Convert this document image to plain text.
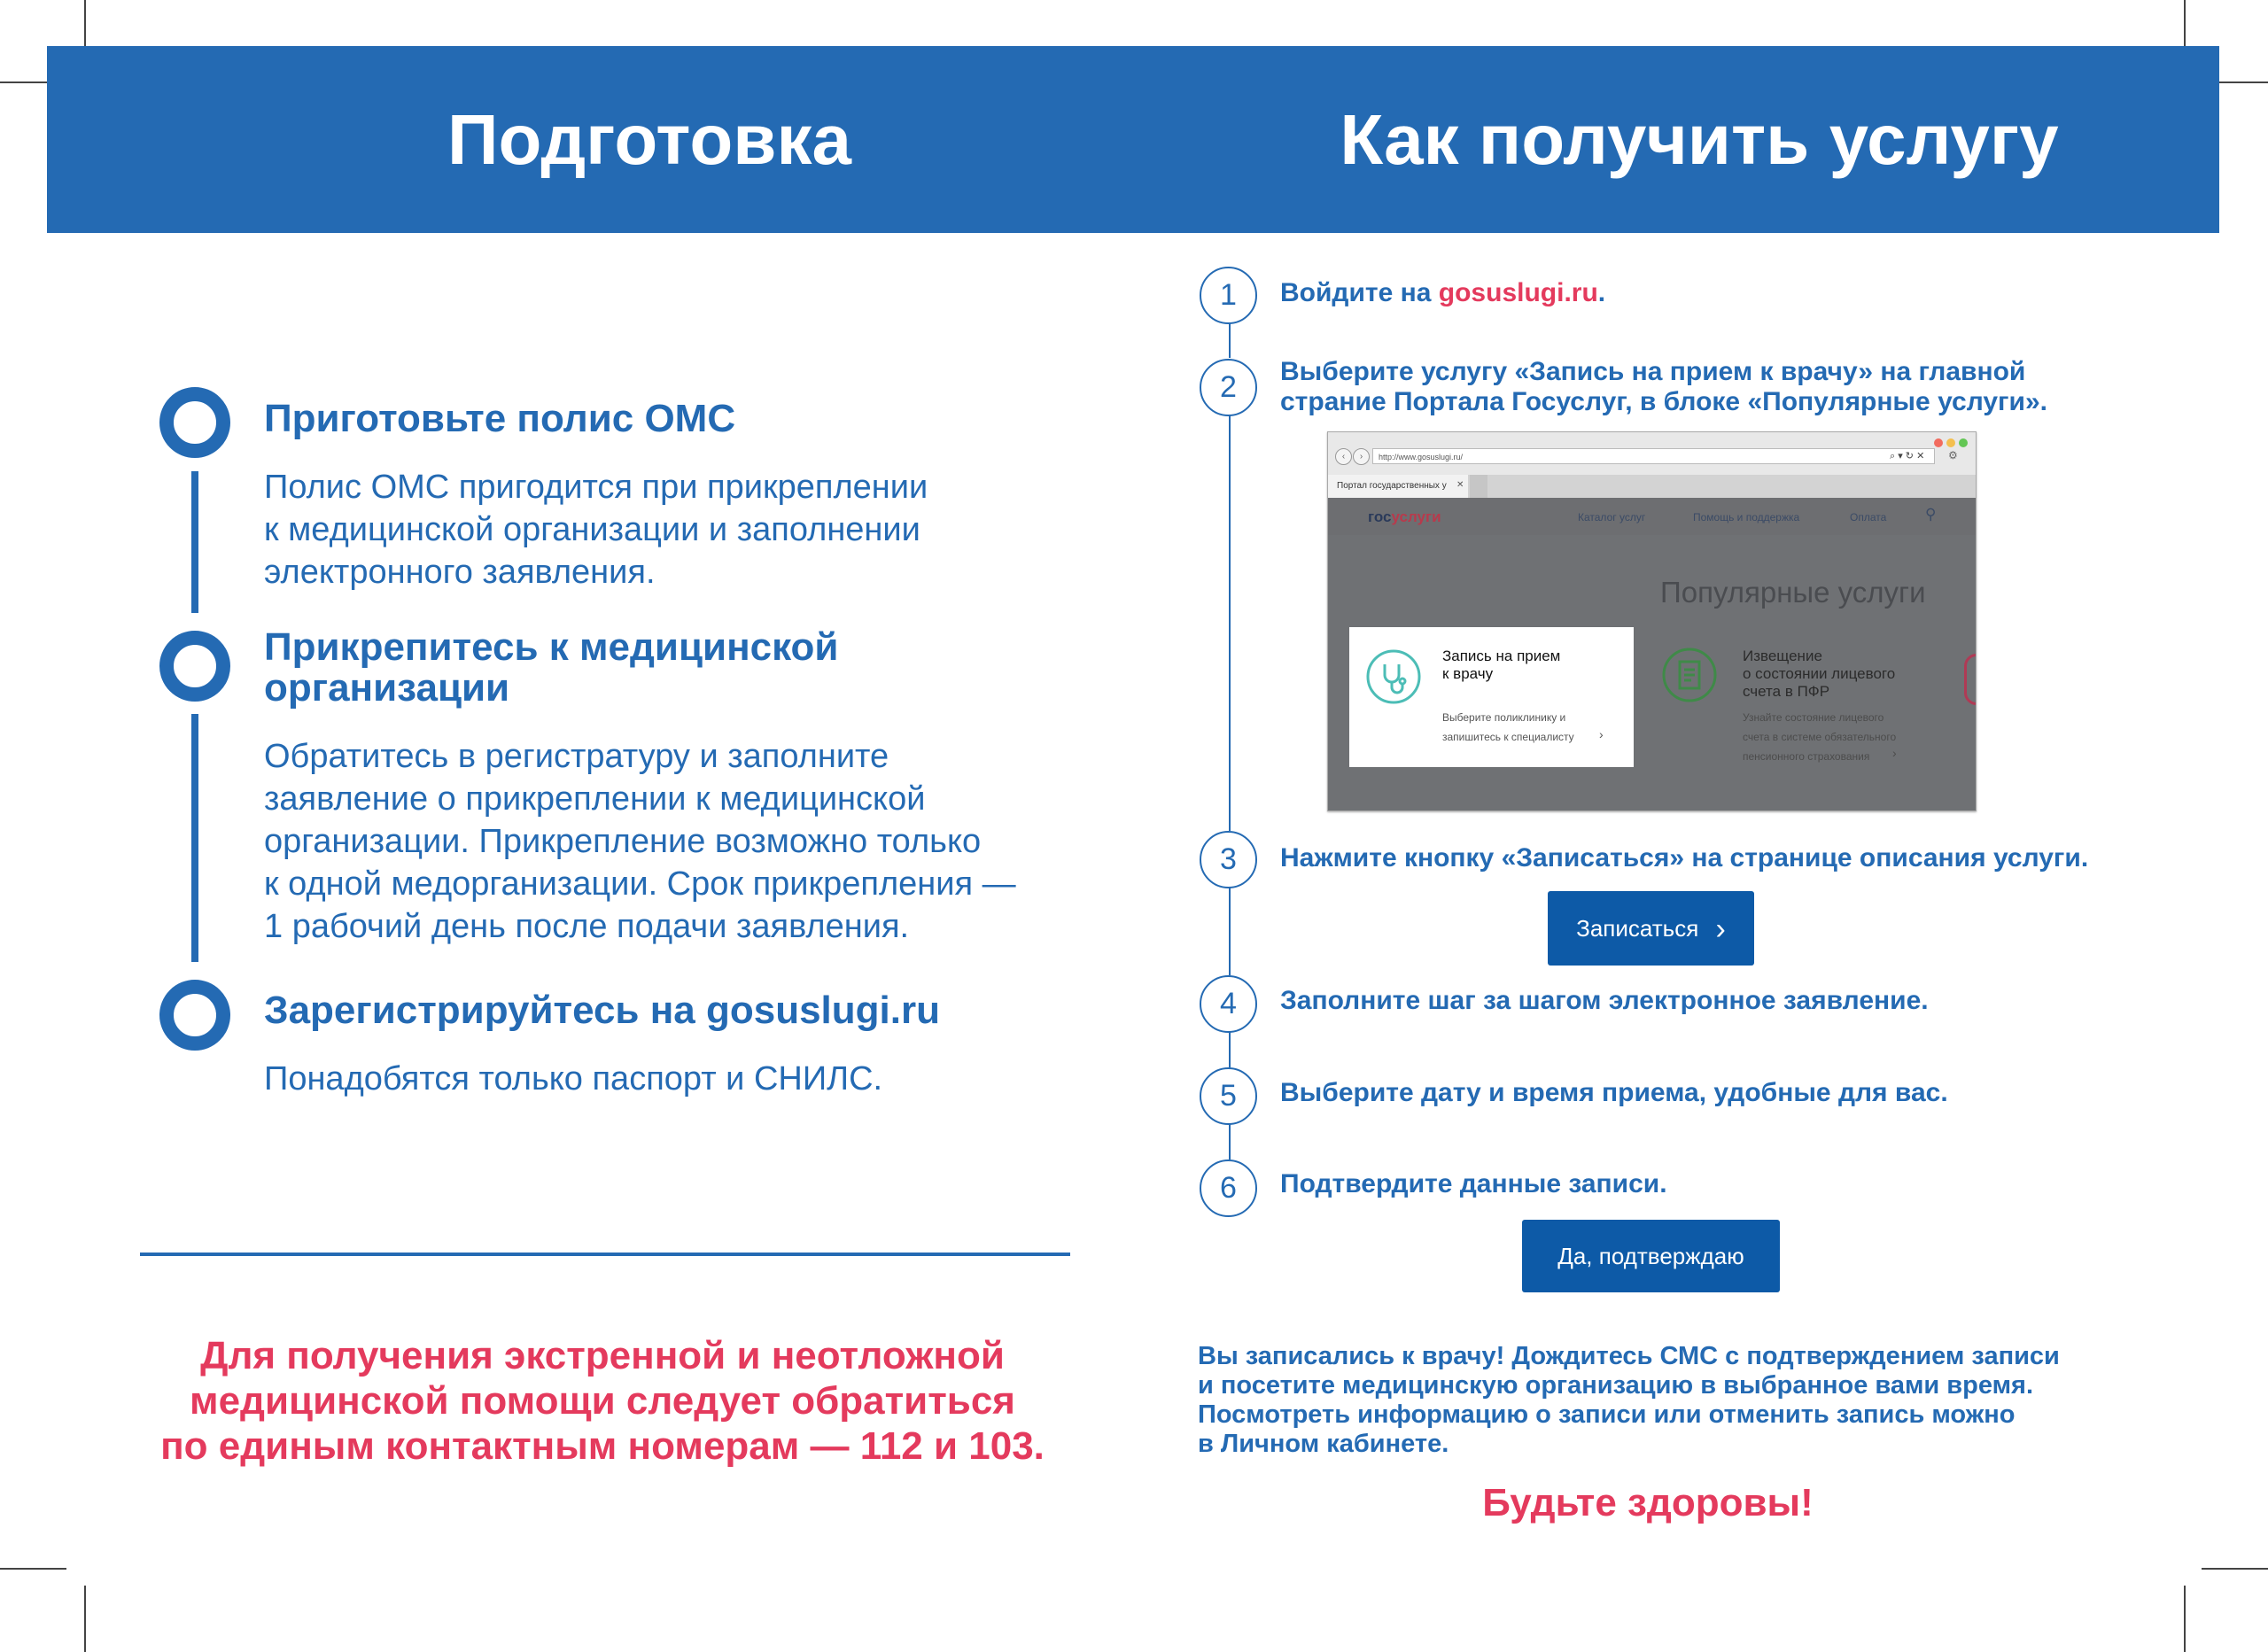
Подготовка	Как получить услугу

Приготовьте полис ОМС

Полис ОМС пригодится при прикреплении

к медицинской организации и заполнении

электронного заявления.

Прикрепитесь к медицинской

организации

Обратитесь в регистратуру и заполните

заявление о прикреплении к медицинской

организации. Прикрепление возможно только

к одной медорганизации. Срок прикрепления —

1 рабочий день после подачи заявления.

Зарегистрируйтесь на gosuslugi.ru

Понадобятся только паспорт и СНИЛС.

Для получения экстренной и неотложной

медицинской помощи следует обратиться

по единым контактным номерам — 112 и 103.

1
2
3
4
5
6

Войдите на gosuslugi.ru.

Выберите услугу «Запись на прием к врачу» на главной

страние Портала Госуслуг, в блоке «Популярные услуги».

‹	›	http://www.gosuslugi.ru/	⌕ ▾ ↻ ✕ ⚙
Портал государственных у	✕
госуслуги	Каталог услуг	Помощь и поддержка	Оплата	⚲
Популярные услуги

Запись на прием

к врачу

Выберите поликлинику и

запишитесь к специалисту ›

Извещение

о состоянии лицевого

счета в ПФР

Узнайте состояние лицевого

счета в системе обязательного

пенсионного страхования ›

Нажмите кнопку «Записаться» на странице описания услуги.

Записаться ›

Заполните шаг за шагом электронное заявление.

Выберите дату и время приема, удобные для вас.

Подтвердите данные записи.

Да, подтверждаю

Вы записались к врачу! Дождитесь СМС с подтверждением записи

и посетите медицинскую организацию в выбранное вами время.

Посмотреть информацию о записи или отменить запись можно

в Личном кабинете.

Будьте здоровы!
